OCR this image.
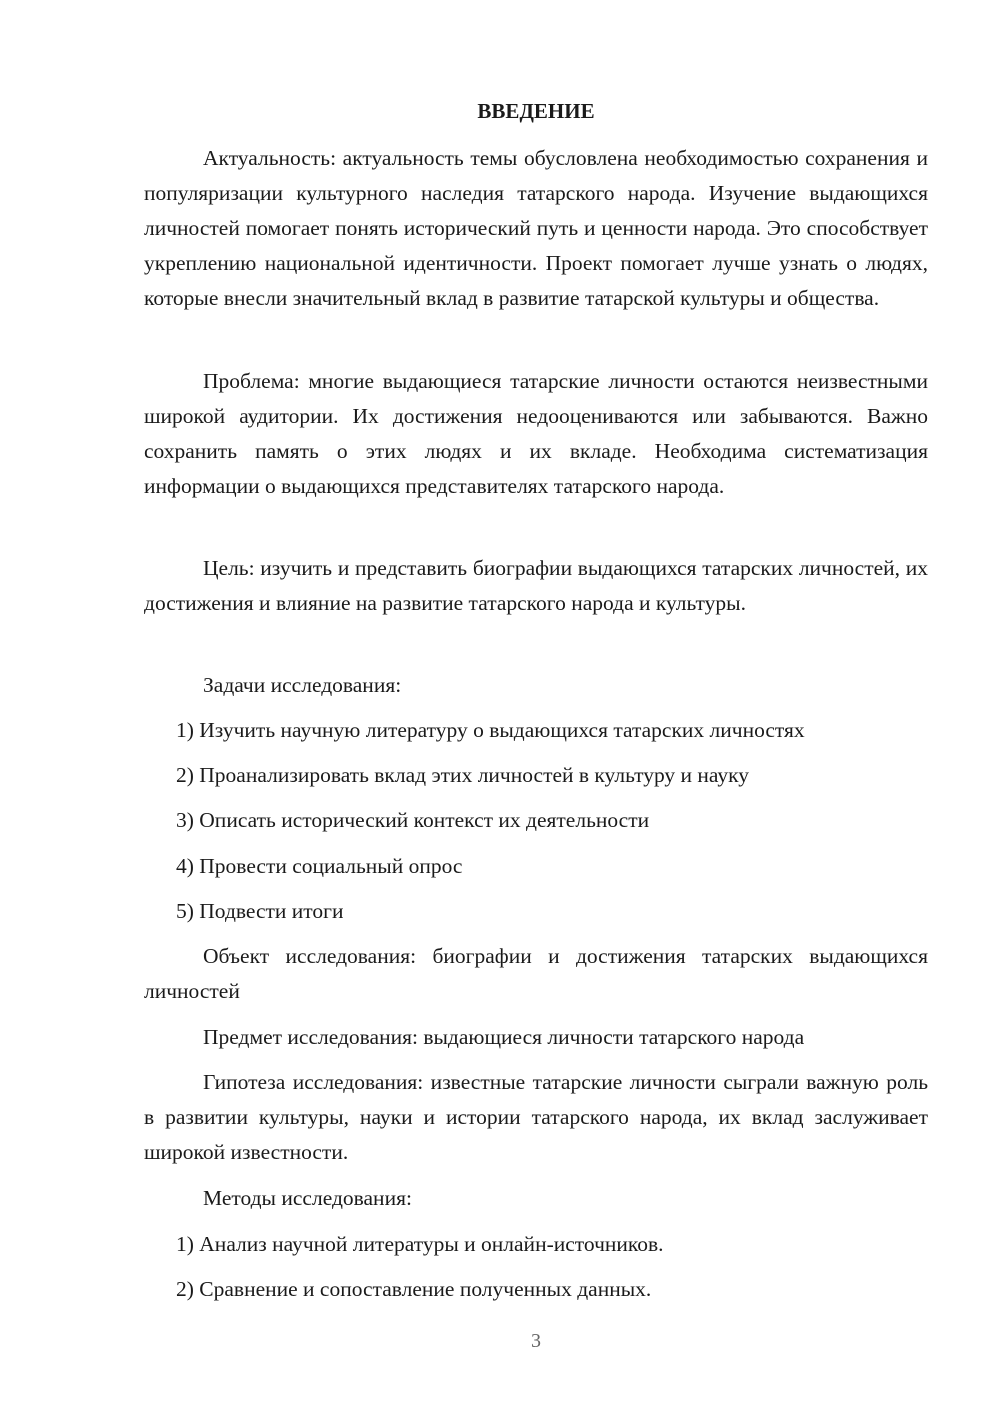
ВВЕДЕНИЕ

Актуальность: актуальность темы обусловлена необходимостью сохранения и популяризации культурного наследия татарского народа. Изучение выдающихся личностей помогает понять исторический путь и ценности народа. Это способствует укреплению национальной идентичности. Проект помогает лучше узнать о людях, которые внесли значительный вклад в развитие татарской культуры и общества.

Проблема: многие выдающиеся татарские личности остаются неизвестными широкой аудитории. Их достижения недооцениваются или забываются. Важно сохранить память о этих людях и их вкладе. Необходима систематизация информации о выдающихся представителях татарского народа.

Цель: изучить и представить биографии выдающихся татарских личностей, их достижения и влияние на развитие татарского народа и культуры.

Задачи исследования:

1) Изучить научную литературу о выдающихся татарских личностях
2) Проанализировать вклад этих личностей в культуру и науку
3) Описать исторический контекст их деятельности
4) Провести социальный опрос
5) Подвести итоги

Объект исследования: биографии и достижения татарских выдающихся личностей

Предмет исследования: выдающиеся личности татарского народа

Гипотеза исследования: известные татарские личности сыграли важную роль в развитии культуры, науки и истории татарского народа, их вклад заслуживает широкой известности.

Методы исследования:

1) Анализ научной литературы и онлайн-источников.
2) Сравнение и сопоставление полученных данных.
3
